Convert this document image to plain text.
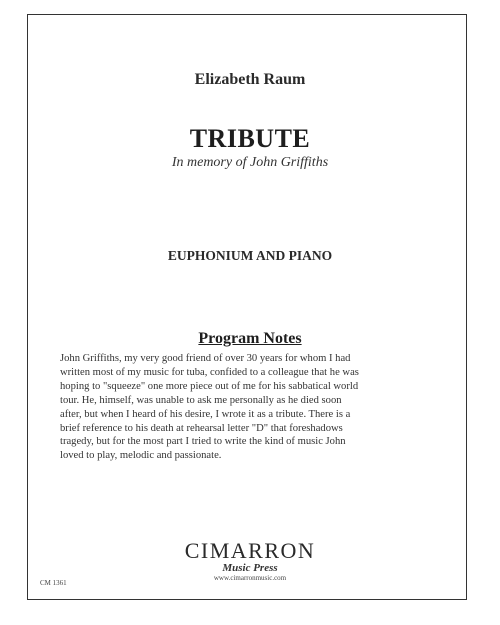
Elizabeth Raum
TRIBUTE
In memory of John Griffiths
EUPHONIUM AND PIANO
Program Notes
John Griffiths, my very good friend of over 30 years for whom I had
written most of my music for tuba, confided to a colleague that he was
hoping to "squeeze" one more piece out of me for his sabbatical world
tour. He, himself, was unable to ask me personally as he died soon
after, but when I heard of his desire, I wrote it as a tribute. There is a
brief reference to his death at rehearsal letter "D" that foreshadows
tragedy, but for the most part I tried to write the kind of music John
loved to play, melodic and passionate.
CIMARRON
Music Press
www.cimarronmusic.com
CM 1361
